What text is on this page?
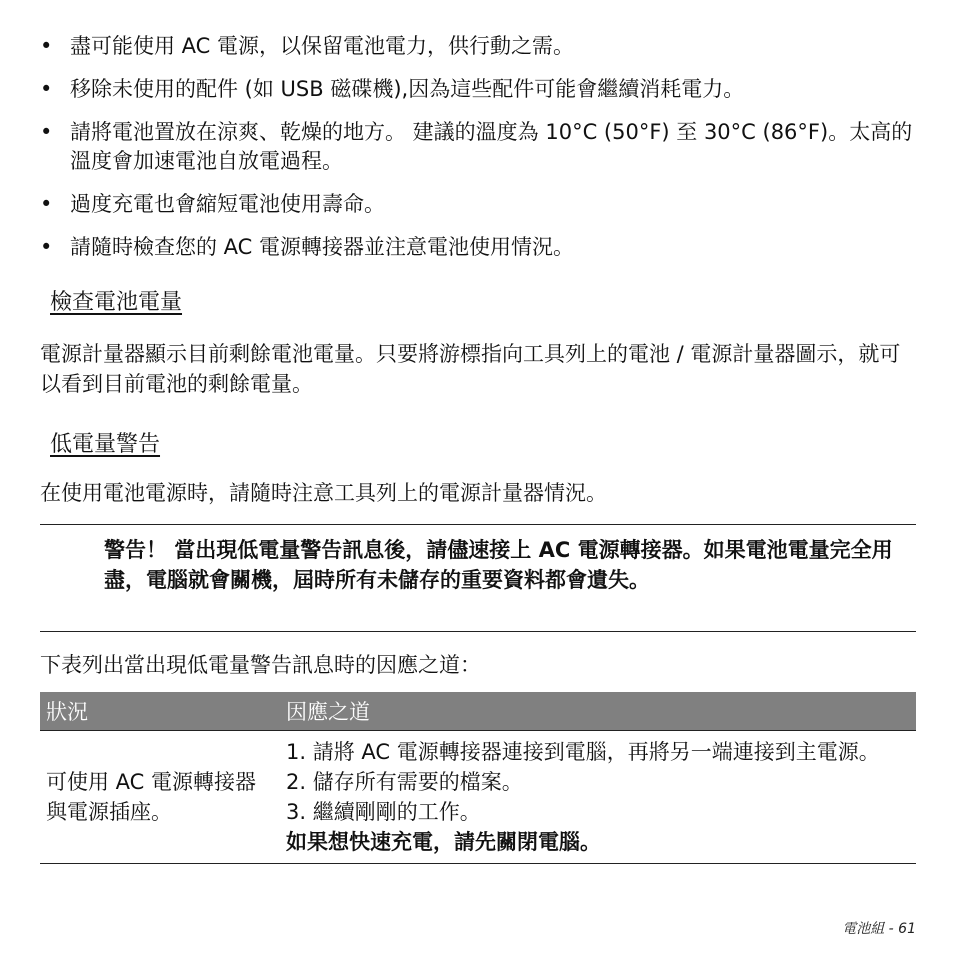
• 盡可能使用 AC 電源，以保留電池電力，供行動之需。
• 移除未使用的配件 (如 USB 磁碟機),因為這些配件可能會繼續消耗電力。
• 請將電池置放在涼爽、乾燥的地方。 建議的溫度為 10°C (50°F) 至 30°C (86°F)。太高的溫度會加速電池自放電過程。
• 過度充電也會縮短電池使用壽命。
• 請隨時檢查您的 AC 電源轉接器並注意電池使用情況。
檢查電池電量
電源計量器顯示目前剩餘電池電量。只要將游標指向工具列上的電池 / 電源計量器圖示，就可以看到目前電池的剩餘電量。
低電量警告
在使用電池電源時，請隨時注意工具列上的電源計量器情況。
警告！ 當出現低電量警告訊息後，請儘速接上 AC 電源轉接器。如果電池電量完全用盡，電腦就會關機，屆時所有未儲存的重要資料都會遺失。
下表列出當出現低電量警告訊息時的因應之道：
狀況	因應之道
可使用 AC 電源轉接器與電源插座。	1. 請將 AC 電源轉接器連接到電腦，再將另一端連接到主電源。
2. 儲存所有需要的檔案。
3. 繼續剛剛的工作。
如果想快速充電，請先關閉電腦。
電池組 - 61
